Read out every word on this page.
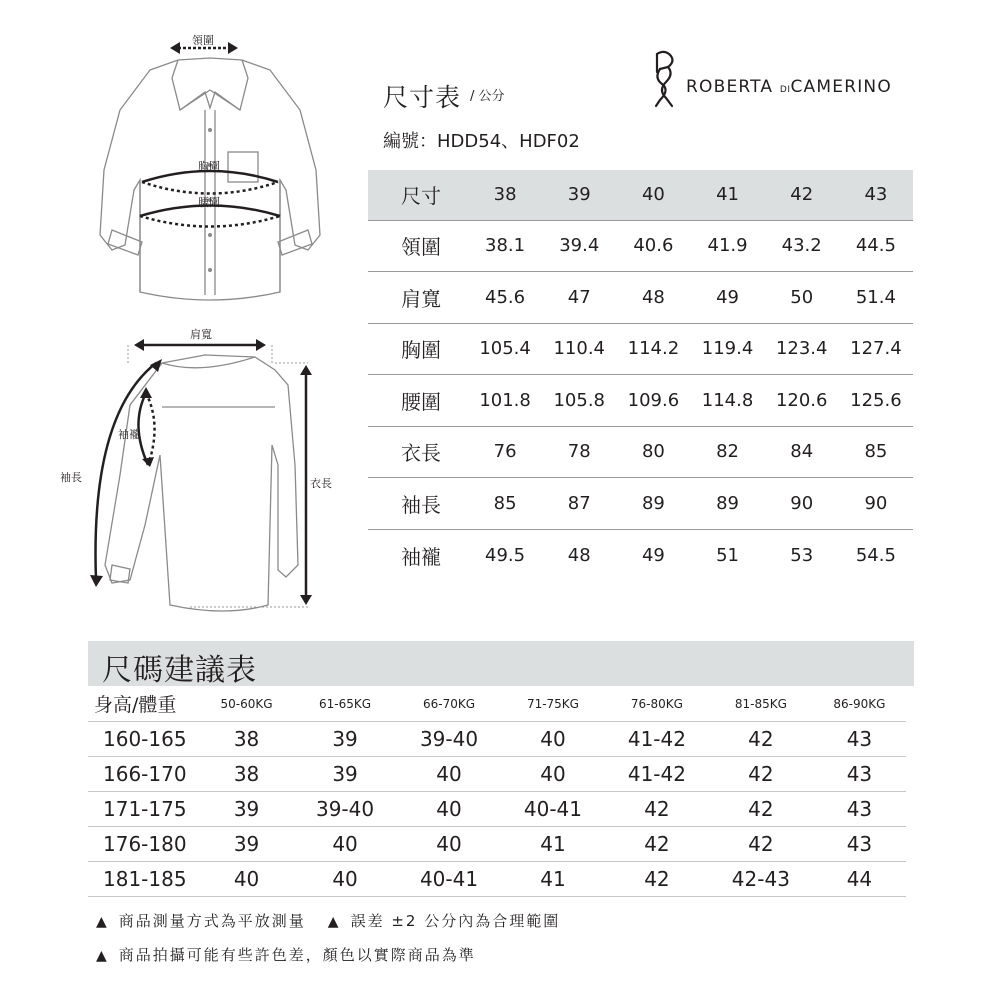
領圍
胸圍
腰圍
肩寬
衣長
袖長
袖襱
尺寸表 / 公分
編號：HDD54、HDF02
ROBERTA DICAMERINO
尺寸	38	39	40	41	42	43
領圍	38.1	39.4	40.6	41.9	43.2	44.5
肩寬	45.6	47	48	49	50	51.4
胸圍	105.4	110.4	114.2	119.4	123.4	127.4
腰圍	101.8	105.8	109.6	114.8	120.6	125.6
衣長	76	78	80	82	84	85
袖長	85	87	89	89	90	90
袖襱	49.5	48	49	51	53	54.5
尺碼建議表
身高/體重	50-60KG	61-65KG	66-70KG	71-75KG	76-80KG	81-85KG	86-90KG
160-165	38	39	39-40	40	41-42	42	43
166-170	38	39	40	40	41-42	42	43
171-175	39	39-40	40	40-41	42	42	43
176-180	39	40	40	41	42	42	43
181-185	40	40	40-41	41	42	42-43	44
▲ 商品測量方式為平放測量 ▲ 誤差 ±2 公分內為合理範圍
▲ 商品拍攝可能有些許色差，顏色以實際商品為準
